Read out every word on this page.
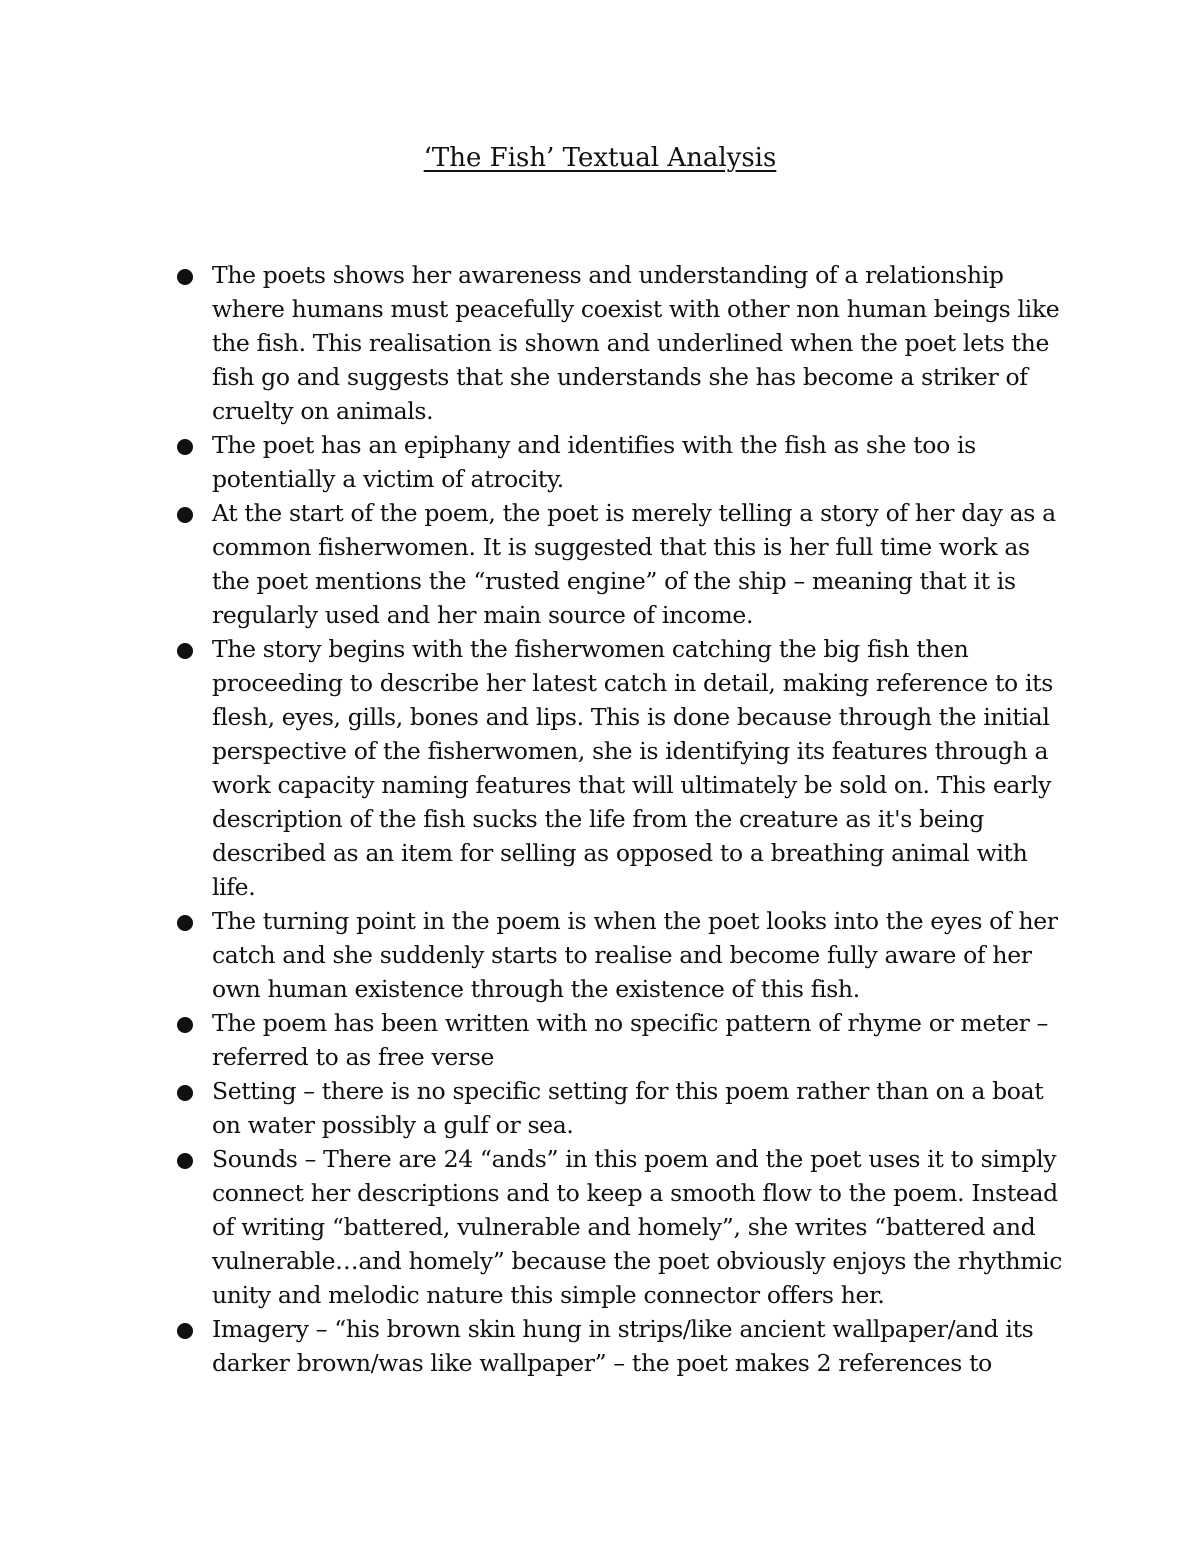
‘The Fish’ Textual Analysis
The poets shows her awareness and understanding of a relationship where humans must peacefully coexist with other non human beings like the fish. This realisation is shown and underlined when the poet lets the fish go and suggests that she understands she has become a striker of cruelty on animals.
The poet has an epiphany and identifies with the fish as she too is potentially a victim of atrocity.
At the start of the poem, the poet is merely telling a story of her day as a common fisherwomen. It is suggested that this is her full time work as the poet mentions the “rusted engine” of the ship – meaning that it is regularly used and her main source of income.
The story begins with the fisherwomen catching the big fish then proceeding to describe her latest catch in detail, making reference to its flesh, eyes, gills, bones and lips. This is done because through the initial perspective of the fisherwomen, she is identifying its features through a work capacity naming features that will ultimately be sold on. This early description of the fish sucks the life from the creature as it's being described as an item for selling as opposed to a breathing animal with life.
The turning point in the poem is when the poet looks into the eyes of her catch and she suddenly starts to realise and become fully aware of her own human existence through the existence of this fish.
The poem has been written with no specific pattern of rhyme or meter – referred to as free verse
Setting – there is no specific setting for this poem rather than on a boat on water possibly a gulf or sea.
Sounds – There are 24 “ands” in this poem and the poet uses it to simply connect her descriptions and to keep a smooth flow to the poem. Instead of writing “battered, vulnerable and homely”, she writes “battered and vulnerable…and homely” because the poet obviously enjoys the rhythmic unity and melodic nature this simple connector offers her.
Imagery – “his brown skin hung in strips/like ancient wallpaper/and its darker brown/was like wallpaper” – the poet makes 2 references to
